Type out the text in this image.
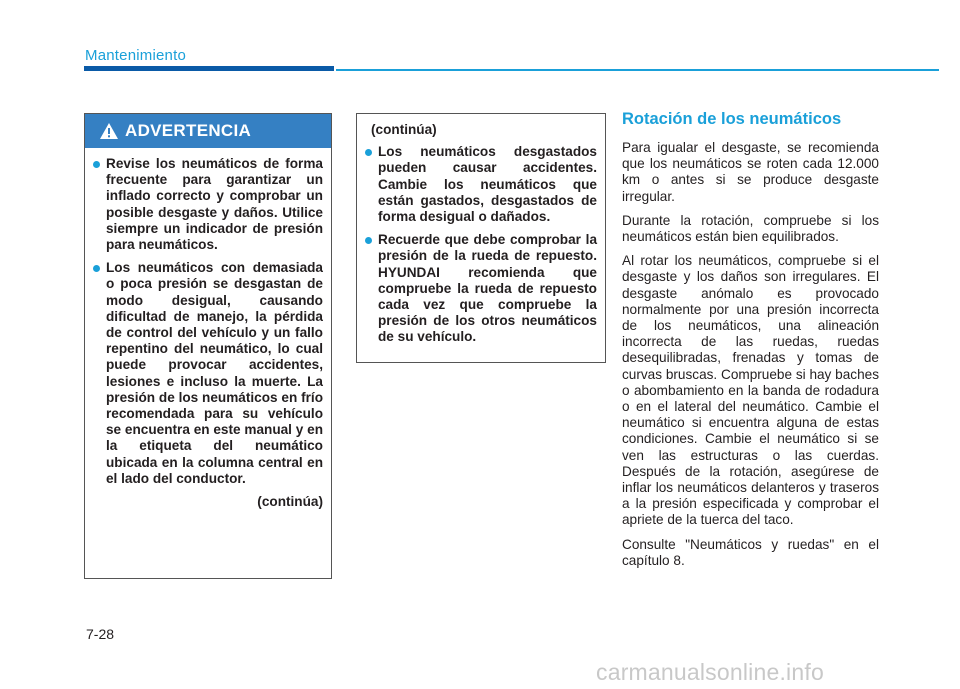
Mantenimiento
ADVERTENCIA
Revise los neumáticos de forma frecuente para garantizar un inflado correcto y comprobar un posible desgaste y daños. Utilice siempre un indicador de presión para neumáticos.
Los neumáticos con demasiada o poca presión se desgastan de modo desigual, causando dificultad de manejo, la pérdida de control del vehículo y un fallo repentino del neumático, lo cual puede provocar accidentes, lesiones e incluso la muerte. La presión de los neumáticos en frío recomendada para su vehículo se encuentra en este manual y en la etiqueta del neumático ubicada en la columna central en el lado del conductor.
(continúa)
(continúa)
Los neumáticos desgastados pueden causar accidentes. Cambie los neumáticos que están gastados, desgastados de forma desigual o dañados.
Recuerde que debe comprobar la presión de la rueda de repuesto. HYUNDAI recomienda que compruebe la rueda de repuesto cada vez que compruebe la presión de los otros neumáticos de su vehículo.
Rotación de los neumáticos

Para igualar el desgaste, se recomienda que los neumáticos se roten cada 12.000 km o antes si se produce desgaste irregular.

Durante la rotación, compruebe si los neumáticos están bien equilibrados.

Al rotar los neumáticos, compruebe si el desgaste y los daños son irregulares. El desgaste anómalo es provocado normalmente por una presión incorrecta de los neumáticos, una alineación incorrecta de las ruedas, ruedas desequilibradas, frenadas y tomas de curvas bruscas. Compruebe si hay baches o abombamiento en la banda de rodadura o en el lateral del neumático. Cambie el neumático si encuentra alguna de estas condiciones. Cambie el neumático si se ven las estructuras o las cuerdas. Después de la rotación, asegúrese de inflar los neumáticos delanteros y traseros a la presión especificada y comprobar el apriete de la tuerca del taco.

Consulte "Neumáticos y ruedas" en el capítulo 8.

7-28
carmanualsonline.info
